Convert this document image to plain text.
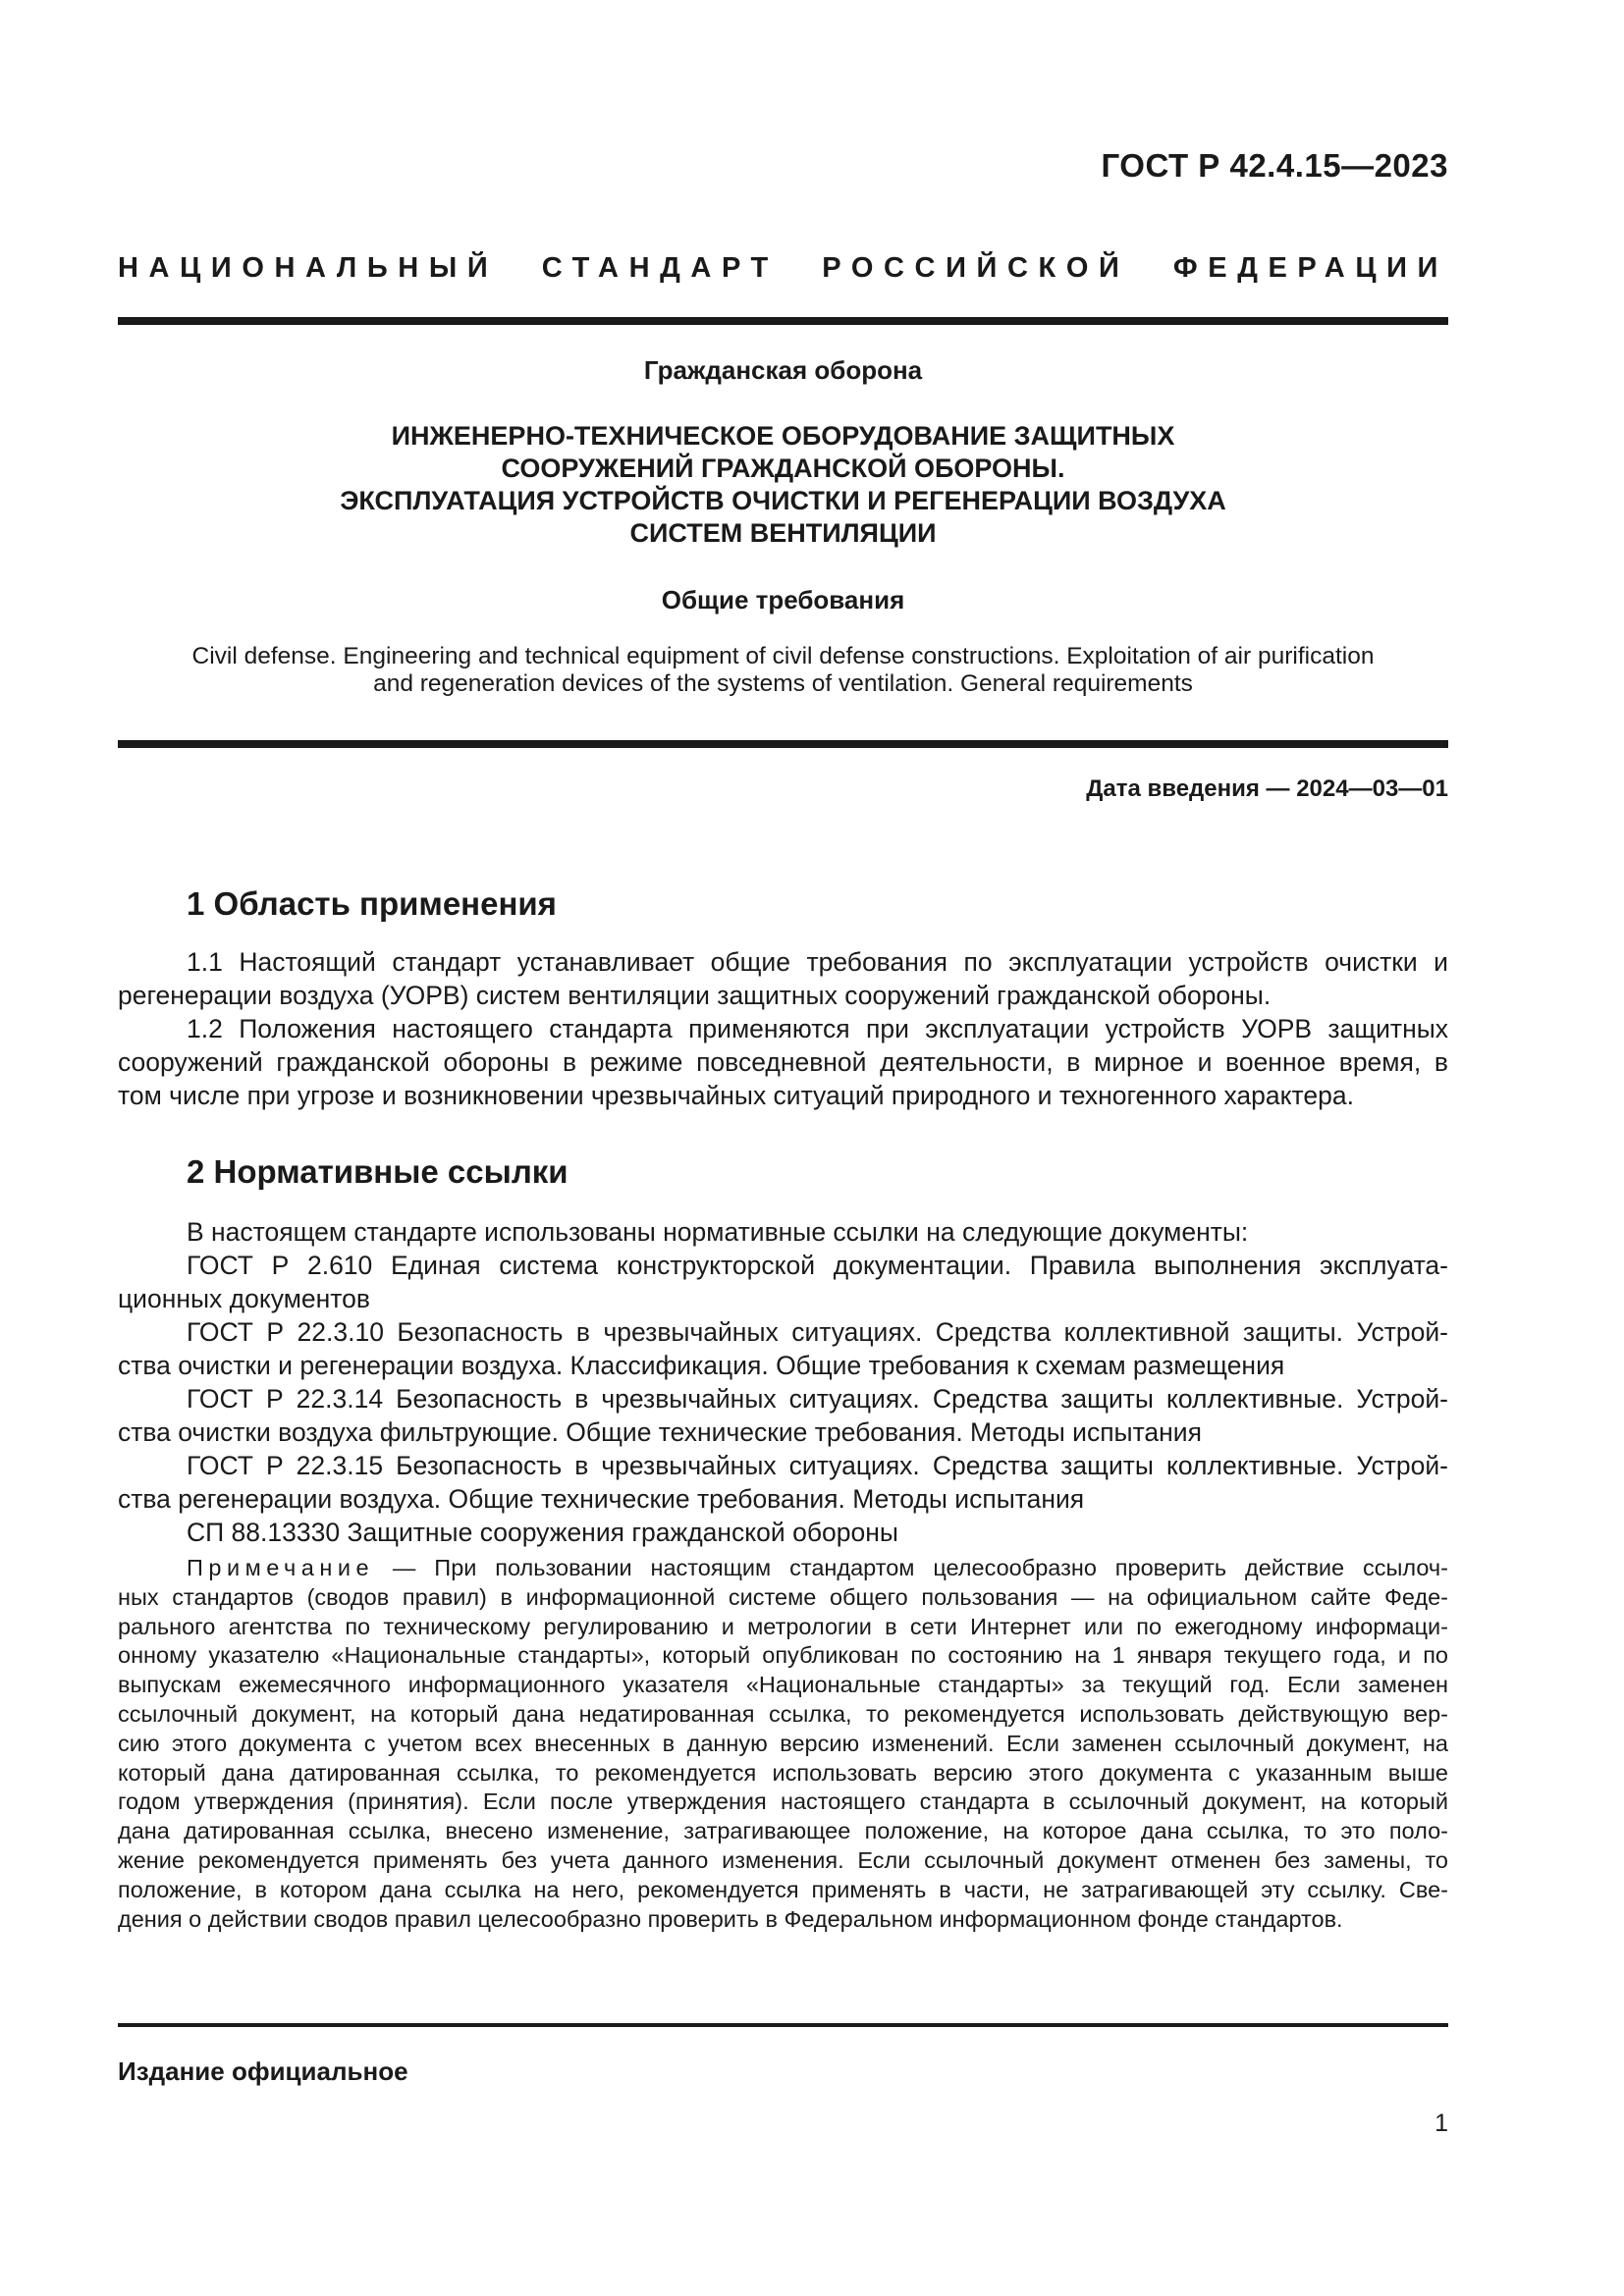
ГОСТ Р 42.4.15—2023
НАЦИОНАЛЬНЫЙ СТАНДАРТ РОССИЙСКОЙ ФЕДЕРАЦИИ
Гражданская оборона
ИНЖЕНЕРНО-ТЕХНИЧЕСКОЕ ОБОРУДОВАНИЕ ЗАЩИТНЫХ
СООРУЖЕНИЙ ГРАЖДАНСКОЙ ОБОРОНЫ.
ЭКСПЛУАТАЦИЯ УСТРОЙСТВ ОЧИСТКИ И РЕГЕНЕРАЦИИ ВОЗДУХА
СИСТЕМ ВЕНТИЛЯЦИИ
Общие требования
Civil defense. Engineering and technical equipment of civil defense constructions. Exploitation of air purification
and regeneration devices of the systems of ventilation. General requirements
Дата введения — 2024—03—01
1 Область применения
1.1 Настоящий стандарт устанавливает общие требования по эксплуатации устройств очистки и
регенерации воздуха (УОРВ) систем вентиляции защитных сооружений гражданской обороны.
1.2 Положения настоящего стандарта применяются при эксплуатации устройств УОРВ защитных
сооружений гражданской обороны в режиме повседневной деятельности, в мирное и военное время, в
том числе при угрозе и возникновении чрезвычайных ситуаций природного и техногенного характера.
2 Нормативные ссылки
В настоящем стандарте использованы нормативные ссылки на следующие документы:
ГОСТ Р 2.610 Единая система конструкторской документации. Правила выполнения эксплуата-
ционных документов
ГОСТ Р 22.3.10 Безопасность в чрезвычайных ситуациях. Средства коллективной защиты. Устрой-
ства очистки и регенерации воздуха. Классификация. Общие требования к схемам размещения
ГОСТ Р 22.3.14 Безопасность в чрезвычайных ситуациях. Средства защиты коллективные. Устрой-
ства очистки воздуха фильтрующие. Общие технические требования. Методы испытания
ГОСТ Р 22.3.15 Безопасность в чрезвычайных ситуациях. Средства защиты коллективные. Устрой-
ства регенерации воздуха. Общие технические требования. Методы испытания
СП 88.13330 Защитные сооружения гражданской обороны
Примечание — При пользовании настоящим стандартом целесообразно проверить действие ссылоч-
ных стандартов (сводов правил) в информационной системе общего пользования — на официальном сайте Феде-
рального агентства по техническому регулированию и метрологии в сети Интернет или по ежегодному информаци-
онному указателю «Национальные стандарты», который опубликован по состоянию на 1 января текущего года, и по
выпускам ежемесячного информационного указателя «Национальные стандарты» за текущий год. Если заменен
ссылочный документ, на который дана недатированная ссылка, то рекомендуется использовать действующую вер-
сию этого документа с учетом всех внесенных в данную версию изменений. Если заменен ссылочный документ, на
который дана датированная ссылка, то рекомендуется использовать версию этого документа с указанным выше
годом утверждения (принятия). Если после утверждения настоящего стандарта в ссылочный документ, на который
дана датированная ссылка, внесено изменение, затрагивающее положение, на которое дана ссылка, то это поло-
жение рекомендуется применять без учета данного изменения. Если ссылочный документ отменен без замены, то
положение, в котором дана ссылка на него, рекомендуется применять в части, не затрагивающей эту ссылку. Све-
дения о действии сводов правил целесообразно проверить в Федеральном информационном фонде стандартов.
Издание официальное
1
